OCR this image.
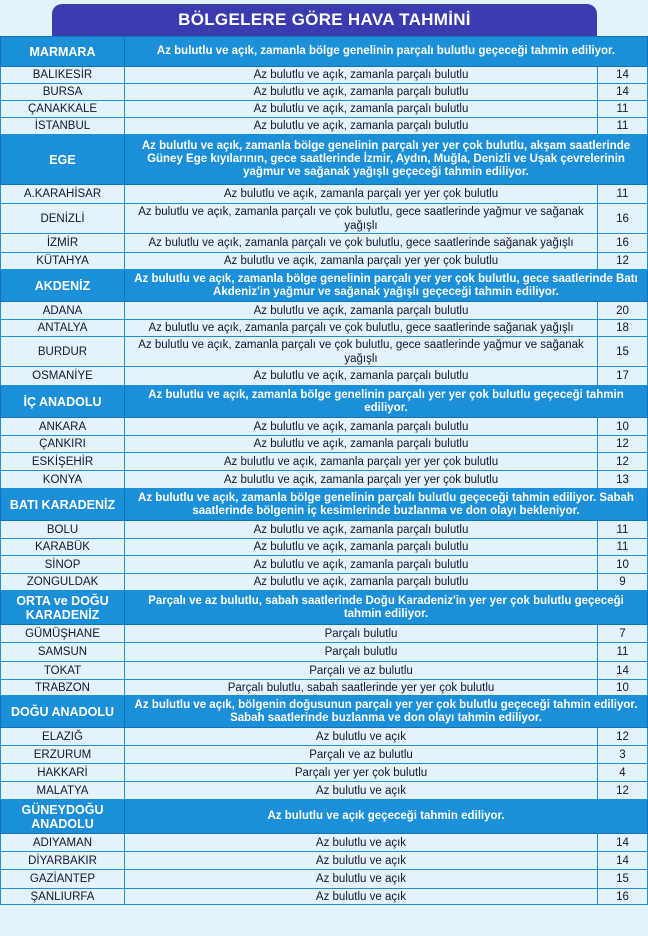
BÖLGELERE GÖRE HAVA TAHMİNİ
MARMARA	Az bulutlu ve açık, zamanla bölge genelinin parçalı bulutlu geçeceği tahmin ediliyor.	
BALIKESİR	Az bulutlu ve açık, zamanla parçalı bulutlu	14
BURSA	Az bulutlu ve açık, zamanla parçalı bulutlu	14
ÇANAKKALE	Az bulutlu ve açık, zamanla parçalı bulutlu	11
İSTANBUL	Az bulutlu ve açık, zamanla parçalı bulutlu	11
EGE	Az bulutlu ve açık, zamanla bölge genelinin parçalı yer yer çok bulutlu, akşam saatlerinde Güney Ege kıyılarının, gece saatlerinde İzmir, Aydın, Muğla, Denizli ve Uşak çevrelerinin yağmur ve sağanak yağışlı geçeceği tahmin ediliyor.	
A.KARAHİSAR	Az bulutlu ve açık, zamanla parçalı yer yer çok bulutlu	11
DENİZLİ	Az bulutlu ve açık, zamanla parçalı ve çok bulutlu, gece saatlerinde yağmur ve sağanak yağışlı	16
İZMİR	Az bulutlu ve açık, zamanla parçalı ve çok bulutlu, gece saatlerinde sağanak yağışlı	16
KÜTAHYA	Az bulutlu ve açık, zamanla parçalı yer yer çok bulutlu	12
AKDENİZ	Az bulutlu ve açık, zamanla bölge genelinin parçalı yer yer çok bulutlu, gece saatlerinde Batı Akdeniz'in yağmur ve sağanak yağışlı geçeceği tahmin ediliyor.	
ADANA	Az bulutlu ve açık, zamanla parçalı bulutlu	20
ANTALYA	Az bulutlu ve açık, zamanla parçalı ve çok bulutlu, gece saatlerinde sağanak yağışlı	18
BURDUR	Az bulutlu ve açık, zamanla parçalı ve çok bulutlu, gece saatlerinde yağmur ve sağanak yağışlı	15
OSMANİYE	Az bulutlu ve açık, zamanla parçalı bulutlu	17
İÇ ANADOLU	Az bulutlu ve açık, zamanla bölge genelinin parçalı yer yer çok bulutlu geçeceği tahmin ediliyor.	
ANKARA	Az bulutlu ve açık, zamanla parçalı bulutlu	10
ÇANKIRI	Az bulutlu ve açık, zamanla parçalı bulutlu	12
ESKİŞEHİR	Az bulutlu ve açık, zamanla parçalı yer yer çok bulutlu	12
KONYA	Az bulutlu ve açık, zamanla parçalı yer yer çok bulutlu	13
BATI KARADENİZ	Az bulutlu ve açık, zamanla bölge genelinin parçalı bulutlu geçeceği tahmin ediliyor. Sabah saatlerinde bölgenin iç kesimlerinde buzlanma ve don olayı bekleniyor.	
BOLU	Az bulutlu ve açık, zamanla parçalı bulutlu	11
KARABÜK	Az bulutlu ve açık, zamanla parçalı bulutlu	11
SİNOP	Az bulutlu ve açık, zamanla parçalı bulutlu	10
ZONGULDAK	Az bulutlu ve açık, zamanla parçalı bulutlu	9
ORTA ve DOĞU KARADENİZ	Parçalı ve az bulutlu, sabah saatlerinde Doğu Karadeniz'in yer yer çok bulutlu geçeceği tahmin ediliyor.	
GÜMÜŞHANE	Parçalı bulutlu	7
SAMSUN	Parçalı bulutlu	11
TOKAT	Parçalı ve az bulutlu	14
TRABZON	Parçalı bulutlu, sabah saatlerinde yer yer çok bulutlu	10
DOĞU ANADOLU	Az bulutlu ve açık, bölgenin doğusunun parçalı yer yer çok bulutlu geçeceği tahmin ediliyor. Sabah saatlerinde buzlanma ve don olayı tahmin ediliyor.	
ELAZIĞ	Az bulutlu ve açık	12
ERZURUM	Parçalı ve az bulutlu	3
HAKKARİ	Parçalı yer yer çok bulutlu	4
MALATYA	Az bulutlu ve açık	12
GÜNEYDOĞU ANADOLU	Az bulutlu ve açık geçeceği tahmin ediliyor.	
ADIYAMAN	Az bulutlu ve açık	14
DİYARBAKIR	Az bulutlu ve açık	14
GAZİANTEP	Az bulutlu ve açık	15
ŞANLIURFA	Az bulutlu ve açık	16
